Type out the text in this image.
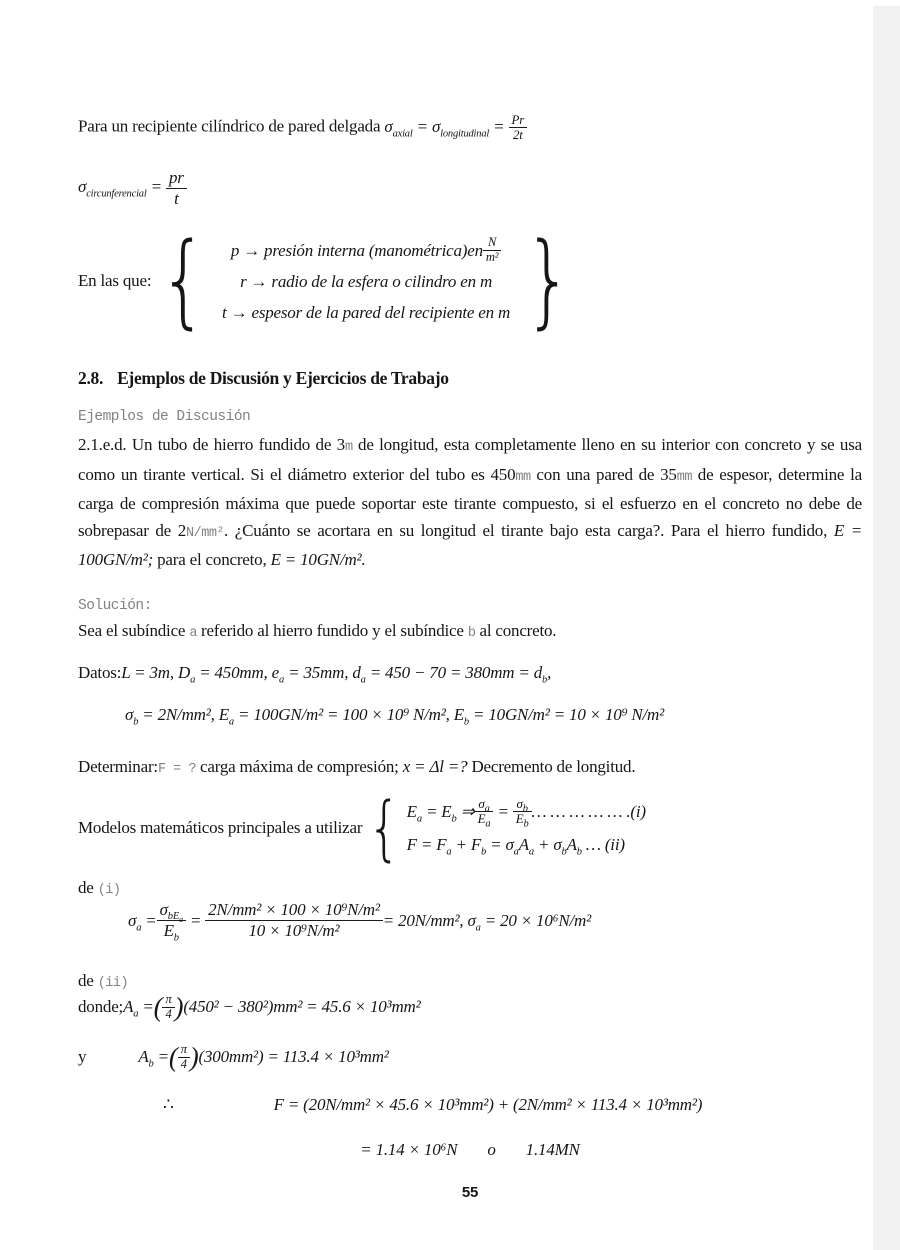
Para un recipiente cilíndrico de pared delgada $\sigma_{axial} = \sigma_{longitudinal} = \frac{Pr}{2t}$
$\sigma_{circunferencial} = \frac{pr}{t}$
En las que: { p → presión interna (manométrica)en $\frac{N}{\text{m²}}$
r → radio de la esfera o cilindro en m
t → espesor de la pared del recipiente en m }
2.8. Ejemplos de Discusión y Ejercicios de Trabajo
Ejemplos de Discusión
2.1.e.d. Un tubo de hierro fundido de 3m de longitud, esta completamente lleno en su interior con concreto y se usa como un tirante vertical. Si el diámetro exterior del tubo es 450mm con una pared de 35mm de espesor, determine la carga de compresión máxima que puede soportar este tirante compuesto, si el esfuerzo en el concreto no debe de sobrepasar de 2N/mm². ¿Cuánto se acortara en su longitud el tirante bajo esta carga?. Para el hierro fundido, E = 100GN/m²; para el concreto, E = 10GN/m².
Solución:
Sea el subíndice a referido al hierro fundido y el subíndice b al concreto.
Datos:L = 3m, $D_a = 450mm$, $e_a = 35mm$, $d_a = 450 - 70 = 380mm = d_b$,
$\sigma_b = 2N/mm^2$, $E_a = 100GN/m^2 = 100 \times 10^9$ N/m², $E_b = 10GN/m^2 = 10 \times 10^9$ N/m²
Determinar:F = ? carga máxima de compresión; x = Δl =? Decremento de longitud.
Modelos matemáticos principales a utilizar { $E_a = E_b$ ⇒ $\frac{\sigma_a}{E_a} = \frac{\sigma_b}{E_b}$ … … … … … .(i)
$F = F_a + F_b = \sigma_aA_a + \sigma_bA_b$ … (ii)
de (i)
$\sigma_a = \frac{\sigma_{bE_a}}{E_b} = \frac{\text{2N/mm² × 100 × 10⁹N/m²}}{\text{10 × 10⁹N/m²}} = 20N/mm^2$, $\sigma_a = 20 \times 10^6N/m^2$
de (ii)
donde; $A_a$ = ( $\frac{\pi}{4}$ ) (450² − 380²)mm² = 45.6 × 10³mm²
y	$A_b$ = ( $\frac{\pi}{4}$ ) (300mm²) = 113.4 × 10³mm²
∴	F = (20N/mm² × 45.6 × 10³mm²) + (2N/mm² × 113.4 × 10³mm²)
= 1.14 × 10⁶N o 1.14MN
55
